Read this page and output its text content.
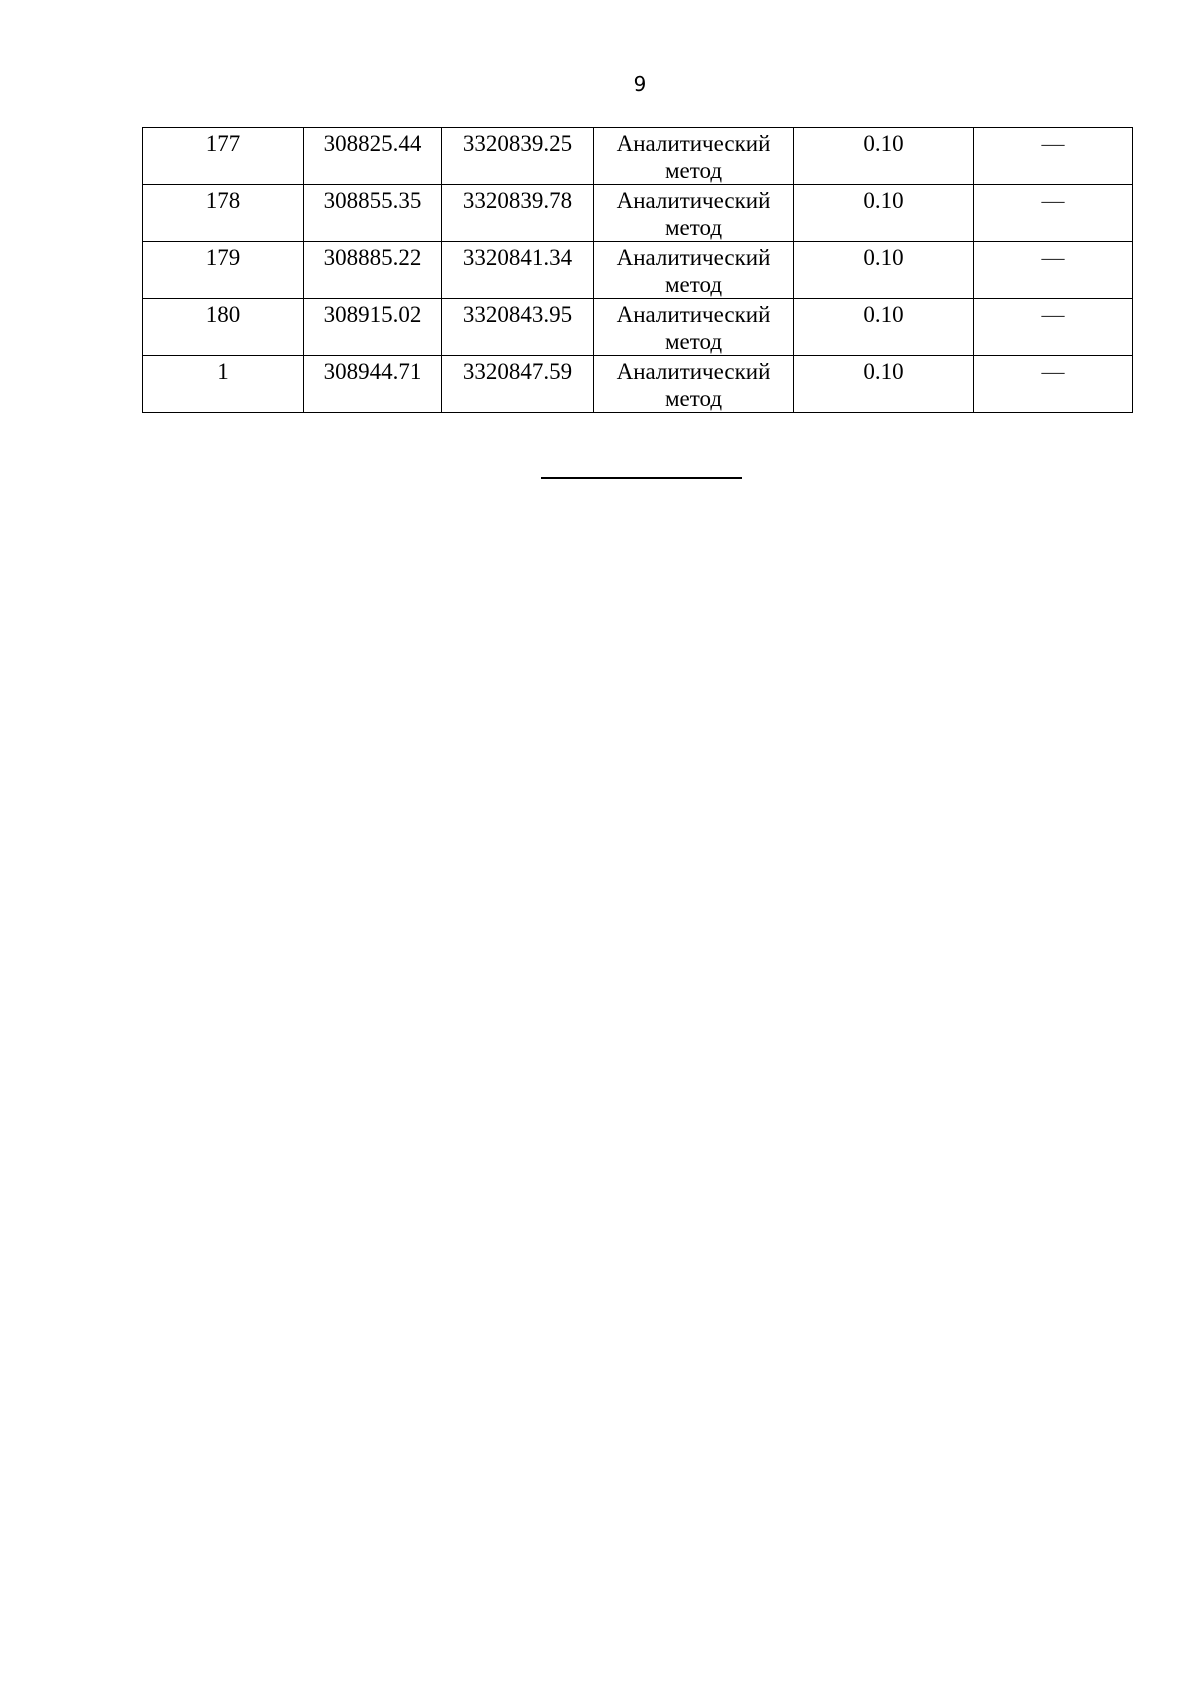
9
177	308825.44	3320839.25	Аналитический метод	0.10	—
178	308855.35	3320839.78	Аналитический метод	0.10	—
179	308885.22	3320841.34	Аналитический метод	0.10	—
180	308915.02	3320843.95	Аналитический метод	0.10	—
1	308944.71	3320847.59	Аналитический метод	0.10	—
